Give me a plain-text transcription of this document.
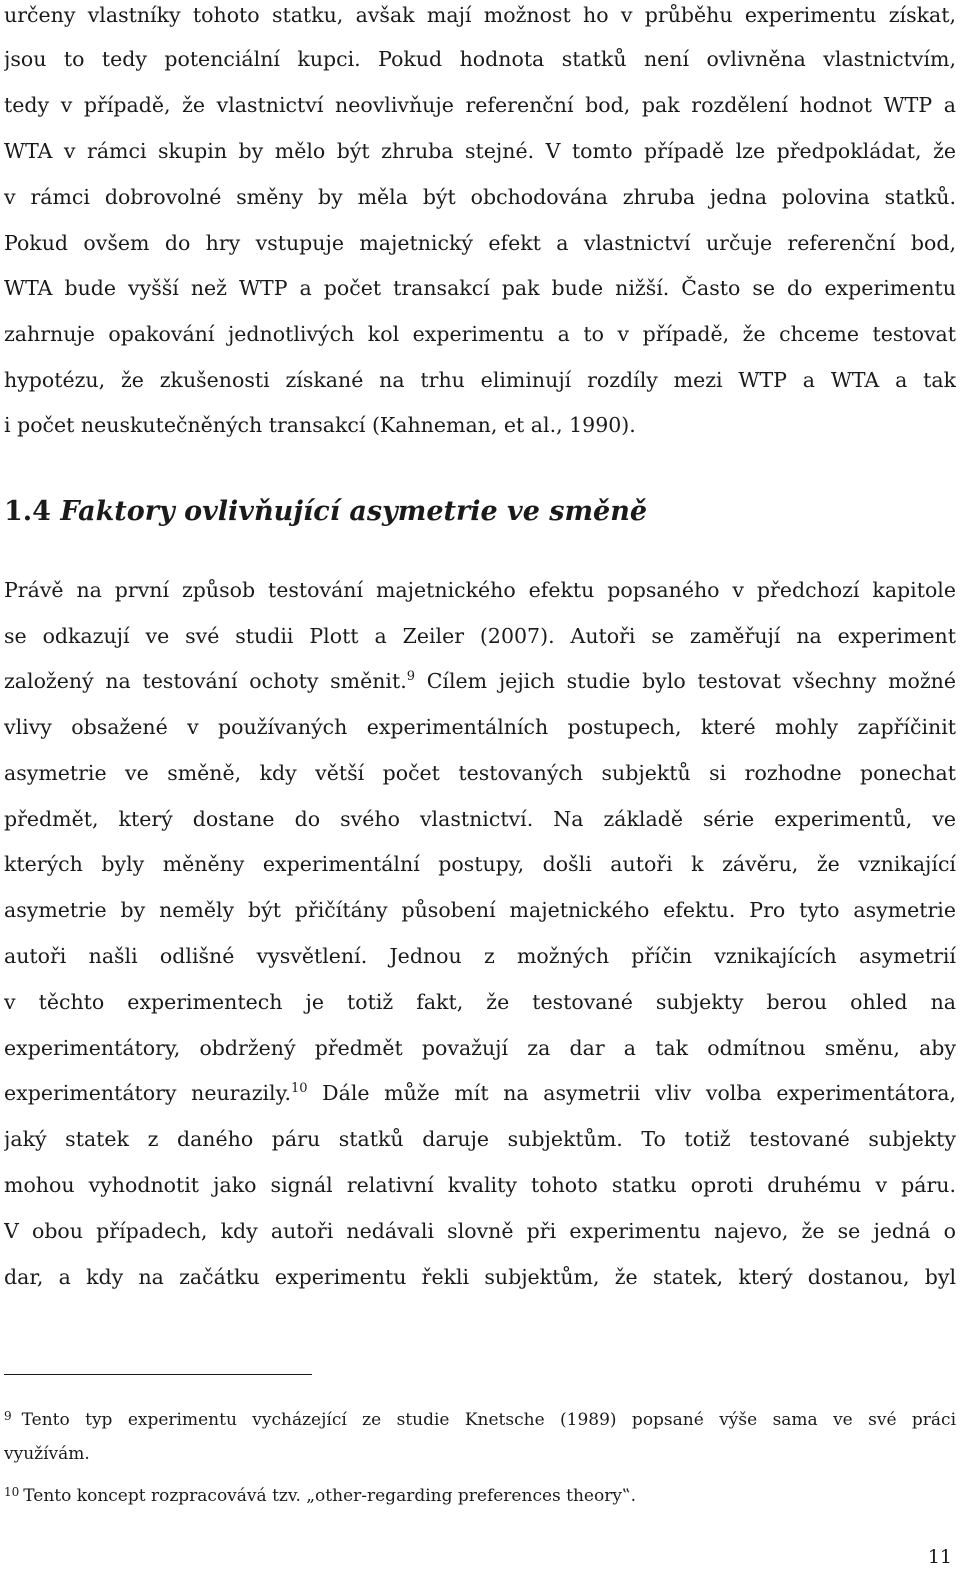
určeny vlastníky tohoto statku, avšak mají možnost ho v průběhu experimentu získat,
jsou to tedy potenciální kupci. Pokud hodnota statků není ovlivněna vlastnictvím,
tedy v případě, že vlastnictví neovlivňuje referenční bod, pak rozdělení hodnot WTP a
WTA v rámci skupin by mělo být zhruba stejné. V tomto případě lze předpokládat, že
v rámci dobrovolné směny by měla být obchodována zhruba jedna polovina statků.
Pokud ovšem do hry vstupuje majetnický efekt a vlastnictví určuje referenční bod,
WTA bude vyšší než WTP a počet transakcí pak bude nižší. Často se do experimentu
zahrnuje opakování jednotlivých kol experimentu a to v případě, že chceme testovat
hypotézu, že zkušenosti získané na trhu eliminují rozdíly mezi WTP a WTA a tak
i počet neuskutečněných transakcí (Kahneman, et al., 1990).
1.4 Faktory ovlivňující asymetrie ve směně
Právě na první způsob testování majetnického efektu popsaného v předchozí kapitole
se odkazují ve své studii Plott a Zeiler (2007). Autoři se zaměřují na experiment
založený na testování ochoty směnit.$^9$ Cílem jejich studie bylo testovat všechny možné
vlivy obsažené v používaných experimentálních postupech, které mohly zapříčinit
asymetrie ve směně, kdy větší počet testovaných subjektů si rozhodne ponechat
předmět, který dostane do svého vlastnictví. Na základě série experimentů, ve
kterých byly měněny experimentální postupy, došli autoři k závěru, že vznikající
asymetrie by neměly být přičítány působení majetnického efektu. Pro tyto asymetrie
autoři našli odlišné vysvětlení. Jednou z možných příčin vznikajících asymetrií
v těchto experimentech je totiž fakt, že testované subjekty berou ohled na
experimentátory, obdržený předmět považují za dar a tak odmítnou směnu, aby
experimentátory neurazily.$^{10}$ Dále může mít na asymetrii vliv volba experimentátora,
jaký statek z daného páru statků daruje subjektům. To totiž testované subjekty
mohou vyhodnotit jako signál relativní kvality tohoto statku oproti druhému v páru.
V obou případech, kdy autoři nedávali slovně při experimentu najevo, že se jedná o
dar, a kdy na začátku experimentu řekli subjektům, že statek, který dostanou, byl
$^9$ Tento typ experimentu vycházející ze studie Knetsche (1989) popsané výše sama ve své práci
využívám.
$^{10}$ Tento koncept rozpracovává tzv. „other-regarding preferences theory‟.
11
